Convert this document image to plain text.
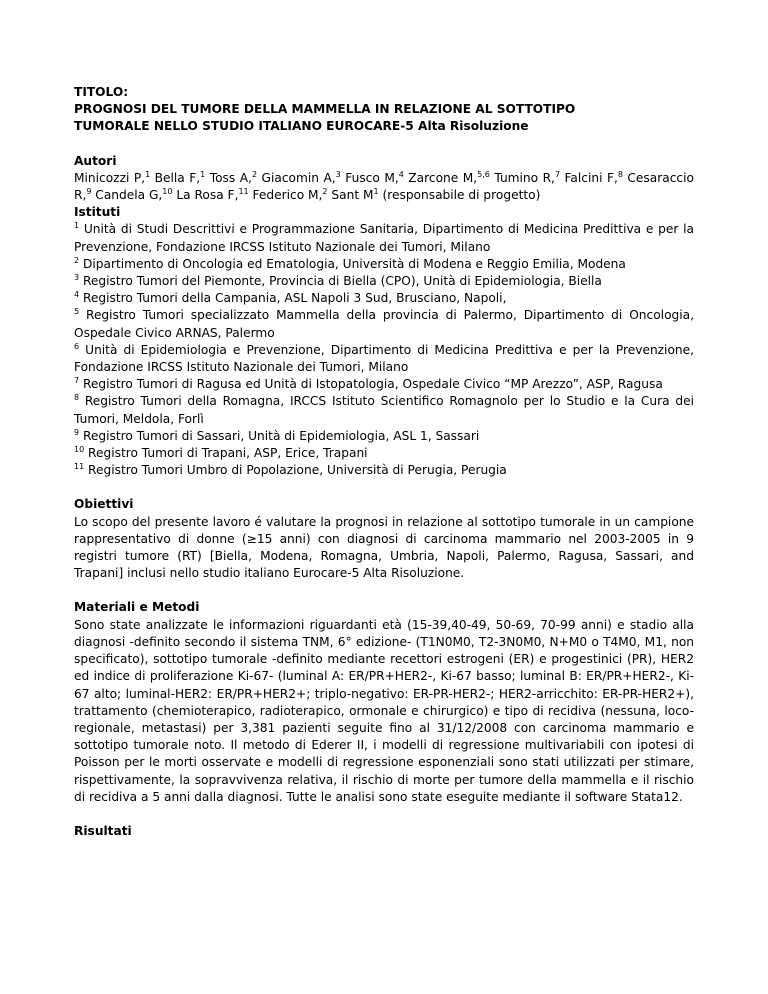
TITOLO:
PROGNOSI DEL TUMORE DELLA MAMMELLA IN RELAZIONE AL SOTTOTIPO
TUMORALE NELLO STUDIO ITALIANO EUROCARE-5 Alta Risoluzione
Autori

Minicozzi P,$^1$ Bella F,$^1$ Toss A,$^2$ Giacomin A,$^3$ Fusco M,$^4$ Zarcone M,$^{5,6}$ Tumino R,$^7$ Falcini F,$^8$ Cesaraccio R,$^9$ Candela G,$^{10}$ La Rosa F,$^{11}$ Federico M,$^2$ Sant $M^1$ (responsabile di progetto)

Istituti

$^1$ Unità di Studi Descrittivi e Programmazione Sanitaria, Dipartimento di Medicina Predittiva e per la Prevenzione, Fondazione IRCSS Istituto Nazionale dei Tumori, Milano

$^2$ Dipartimento di Oncologia ed Ematologia, Università di Modena e Reggio Emilia, Modena

$^3$ Registro Tumori del Piemonte, Provincia di Biella (CPO), Unità di Epidemiologia, Biella

$^4$ Registro Tumori della Campania, ASL Napoli 3 Sud, Brusciano, Napoli,

$^5$ Registro Tumori specializzato Mammella della provincia di Palermo, Dipartimento di Oncologia, Ospedale Civico ARNAS, Palermo

$^6$ Unità di Epidemiologia e Prevenzione, Dipartimento di Medicina Predittiva e per la Prevenzione, Fondazione IRCSS Istituto Nazionale dei Tumori, Milano

$^7$ Registro Tumori di Ragusa ed Unità di Istopatologia, Ospedale Civico “MP Arezzo”, ASP, Ragusa

$^8$ Registro Tumori della Romagna, IRCCS Istituto Scientifico Romagnolo per lo Studio e la Cura dei Tumori, Meldola, Forlì

$^9$ Registro Tumori di Sassari, Unità di Epidemiologia, ASL 1, Sassari

$^{10}$ Registro Tumori di Trapani, ASP, Erice, Trapani

$^{11}$ Registro Tumori Umbro di Popolazione, Università di Perugia, Perugia

Obiettivi

Lo scopo del presente lavoro é valutare la prognosi in relazione al sottotipo tumorale in un campione rappresentativo di donne (≥15 anni) con diagnosi di carcinoma mammario nel 2003-2005 in 9 registri tumore (RT) [Biella, Modena, Romagna, Umbria, Napoli, Palermo, Ragusa, Sassari, and Trapani] inclusi nello studio italiano Eurocare-5 Alta Risoluzione.

Materiali e Metodi

Sono state analizzate le informazioni riguardanti età (15-39,40-49, 50-69, 70-99 anni) e stadio alla diagnosi -definito secondo il sistema TNM, 6° edizione- (T1N0M0, T2-3N0M0, N+M0 o T4M0, M1, non specificato), sottotipo tumorale -definito mediante recettori estrogeni (ER) e progestinici (PR), HER2 ed indice di proliferazione Ki-67- (luminal A: ER/PR+HER2-, Ki-67 basso; luminal B: ER/PR+HER2-, Ki-67 alto; luminal-HER2: ER/PR+HER2+; triplo-negativo: ER-PR-HER2-; HER2-arricchito: ER-PR-HER2+), trattamento (chemioterapico, radioterapico, ormonale e chirurgico) e tipo di recidiva (nessuna, loco-regionale, metastasi) per 3,381 pazienti seguite fino al 31/12/2008 con carcinoma mammario e sottotipo tumorale noto. Il metodo di Ederer II, i modelli di regressione multivariabili con ipotesi di Poisson per le morti osservate e modelli di regressione esponenziali sono stati utilizzati per stimare, rispettivamente, la sopravvivenza relativa, il rischio di morte per tumore della mammella e il rischio di recidiva a 5 anni dalla diagnosi. Tutte le analisi sono state eseguite mediante il software Stata12.

Risultati
